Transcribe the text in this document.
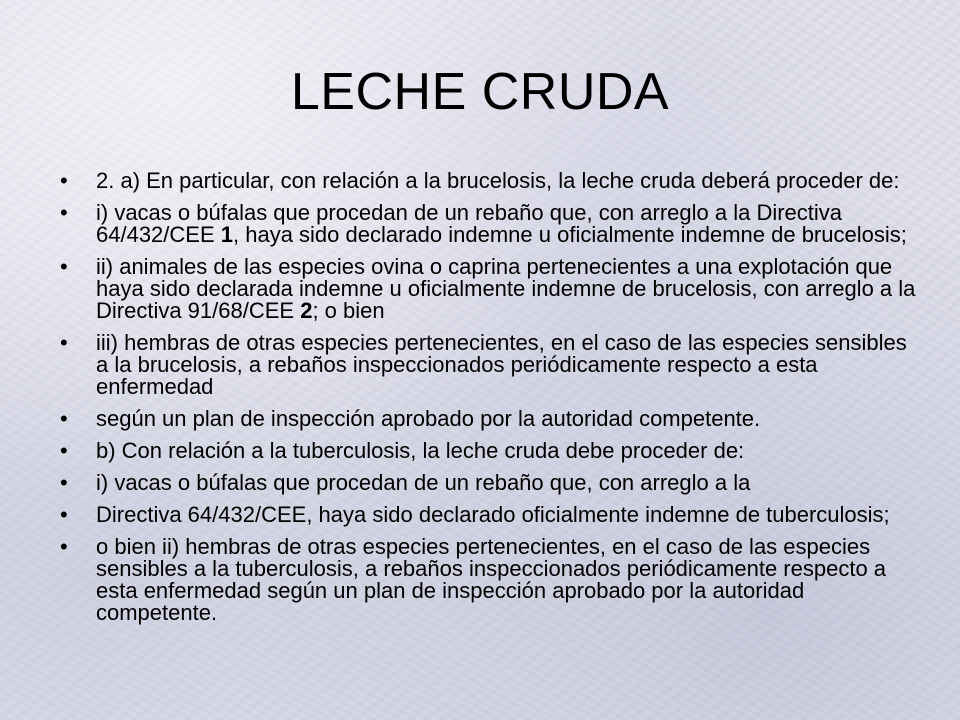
LECHE CRUDA
• 2. a) En particular, con relación a la brucelosis, la leche cruda deberá proceder de:
• i) vacas o búfalas que procedan de un rebaño que, con arreglo a la Directiva 64/432/CEE 1, haya sido declarado indemne u oficialmente indemne de brucelosis;
• ii) animales de las especies ovina o caprina pertenecientes a una explotación que haya sido declarada indemne u oficialmente indemne de brucelosis, con arreglo a la Directiva 91/68/CEE 2; o bien
• iii) hembras de otras especies pertenecientes, en el caso de las especies sensibles a la brucelosis, a rebaños inspeccionados periódicamente respecto a esta enfermedad
• según un plan de inspección aprobado por la autoridad competente.
• b) Con relación a la tuberculosis, la leche cruda debe proceder de:
• i) vacas o búfalas que procedan de un rebaño que, con arreglo a la
• Directiva 64/432/CEE, haya sido declarado oficialmente indemne de tuberculosis;
• o bien ii) hembras de otras especies pertenecientes, en el caso de las especies sensibles a la tuberculosis, a rebaños inspeccionados periódicamente respecto a esta enfermedad según un plan de inspección aprobado por la autoridad competente.
